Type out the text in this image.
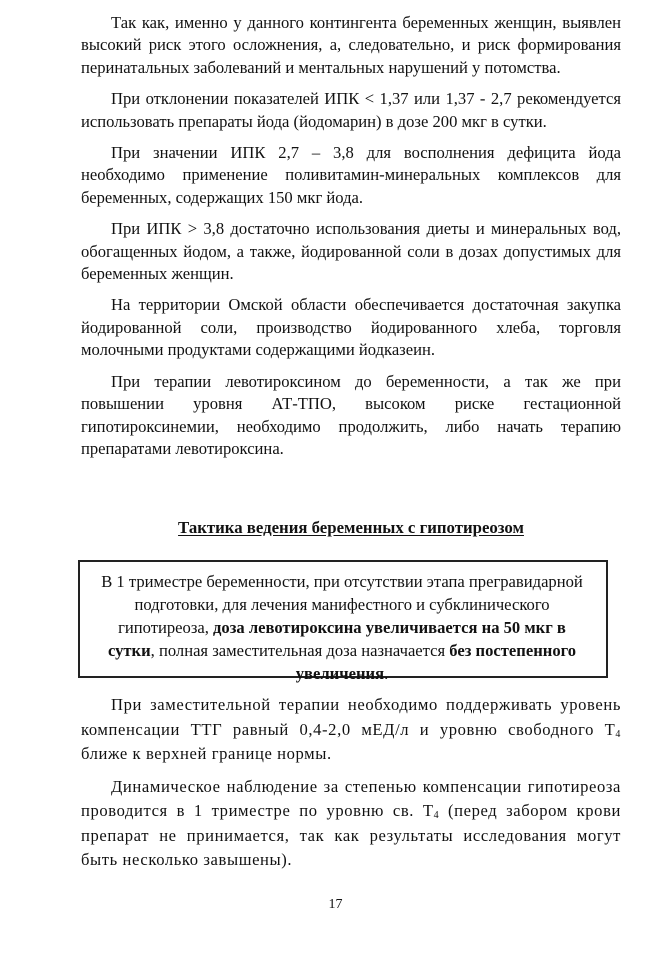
Так как, именно у данного контингента беременных женщин, выявлен высокий риск этого осложнения, а, следовательно, и риск формирования перинатальных заболеваний и ментальных нарушений у потомства.

При отклонении показателей ИПК < 1,37 или 1,37 - 2,7 рекомендуется использовать препараты йода (йодомарин) в дозе 200 мкг в сутки.

При значении ИПК 2,7 – 3,8 для восполнения дефицита йода необходимо применение поливитамин-минеральных комплексов для беременных, содержащих 150 мкг йода.

При ИПК > 3,8 достаточно использования диеты и минеральных вод, обогащенных йодом, а также, йодированной соли в дозах допустимых для беременных женщин.

На территории Омской области обеспечивается достаточная закупка йодированной соли, производство йодированного хлеба, торговля молочными продуктами содержащими йодказеин.

При терапии левотироксином до беременности, а так же при повышении уровня АТ-ТПО, высоком риске гестационной гипотироксинемии, необходимо продолжить, либо начать терапию препаратами левотироксина.

Тактика ведения беременных с гипотиреозом
В 1 триместре беременности, при отсутствии этапа прегравидарной подготовки, для лечения манифестного и субклинического гипотиреоза, доза левотироксина увеличивается на 50 мкг в сутки, полная заместительная доза назначается без постепенного увеличения.

При заместительной терапии необходимо поддерживать уровень компенсации ТТГ равный 0,4-2,0 мЕД/л и уровню свободного $Т_4$ ближе к верхней границе нормы.

Динамическое наблюдение за степенью компенсации гипотиреоза проводится в 1 триместре по уровню св. $Т_4$ (перед забором крови препарат не принимается, так как результаты исследования могут быть несколько завышены).

17
